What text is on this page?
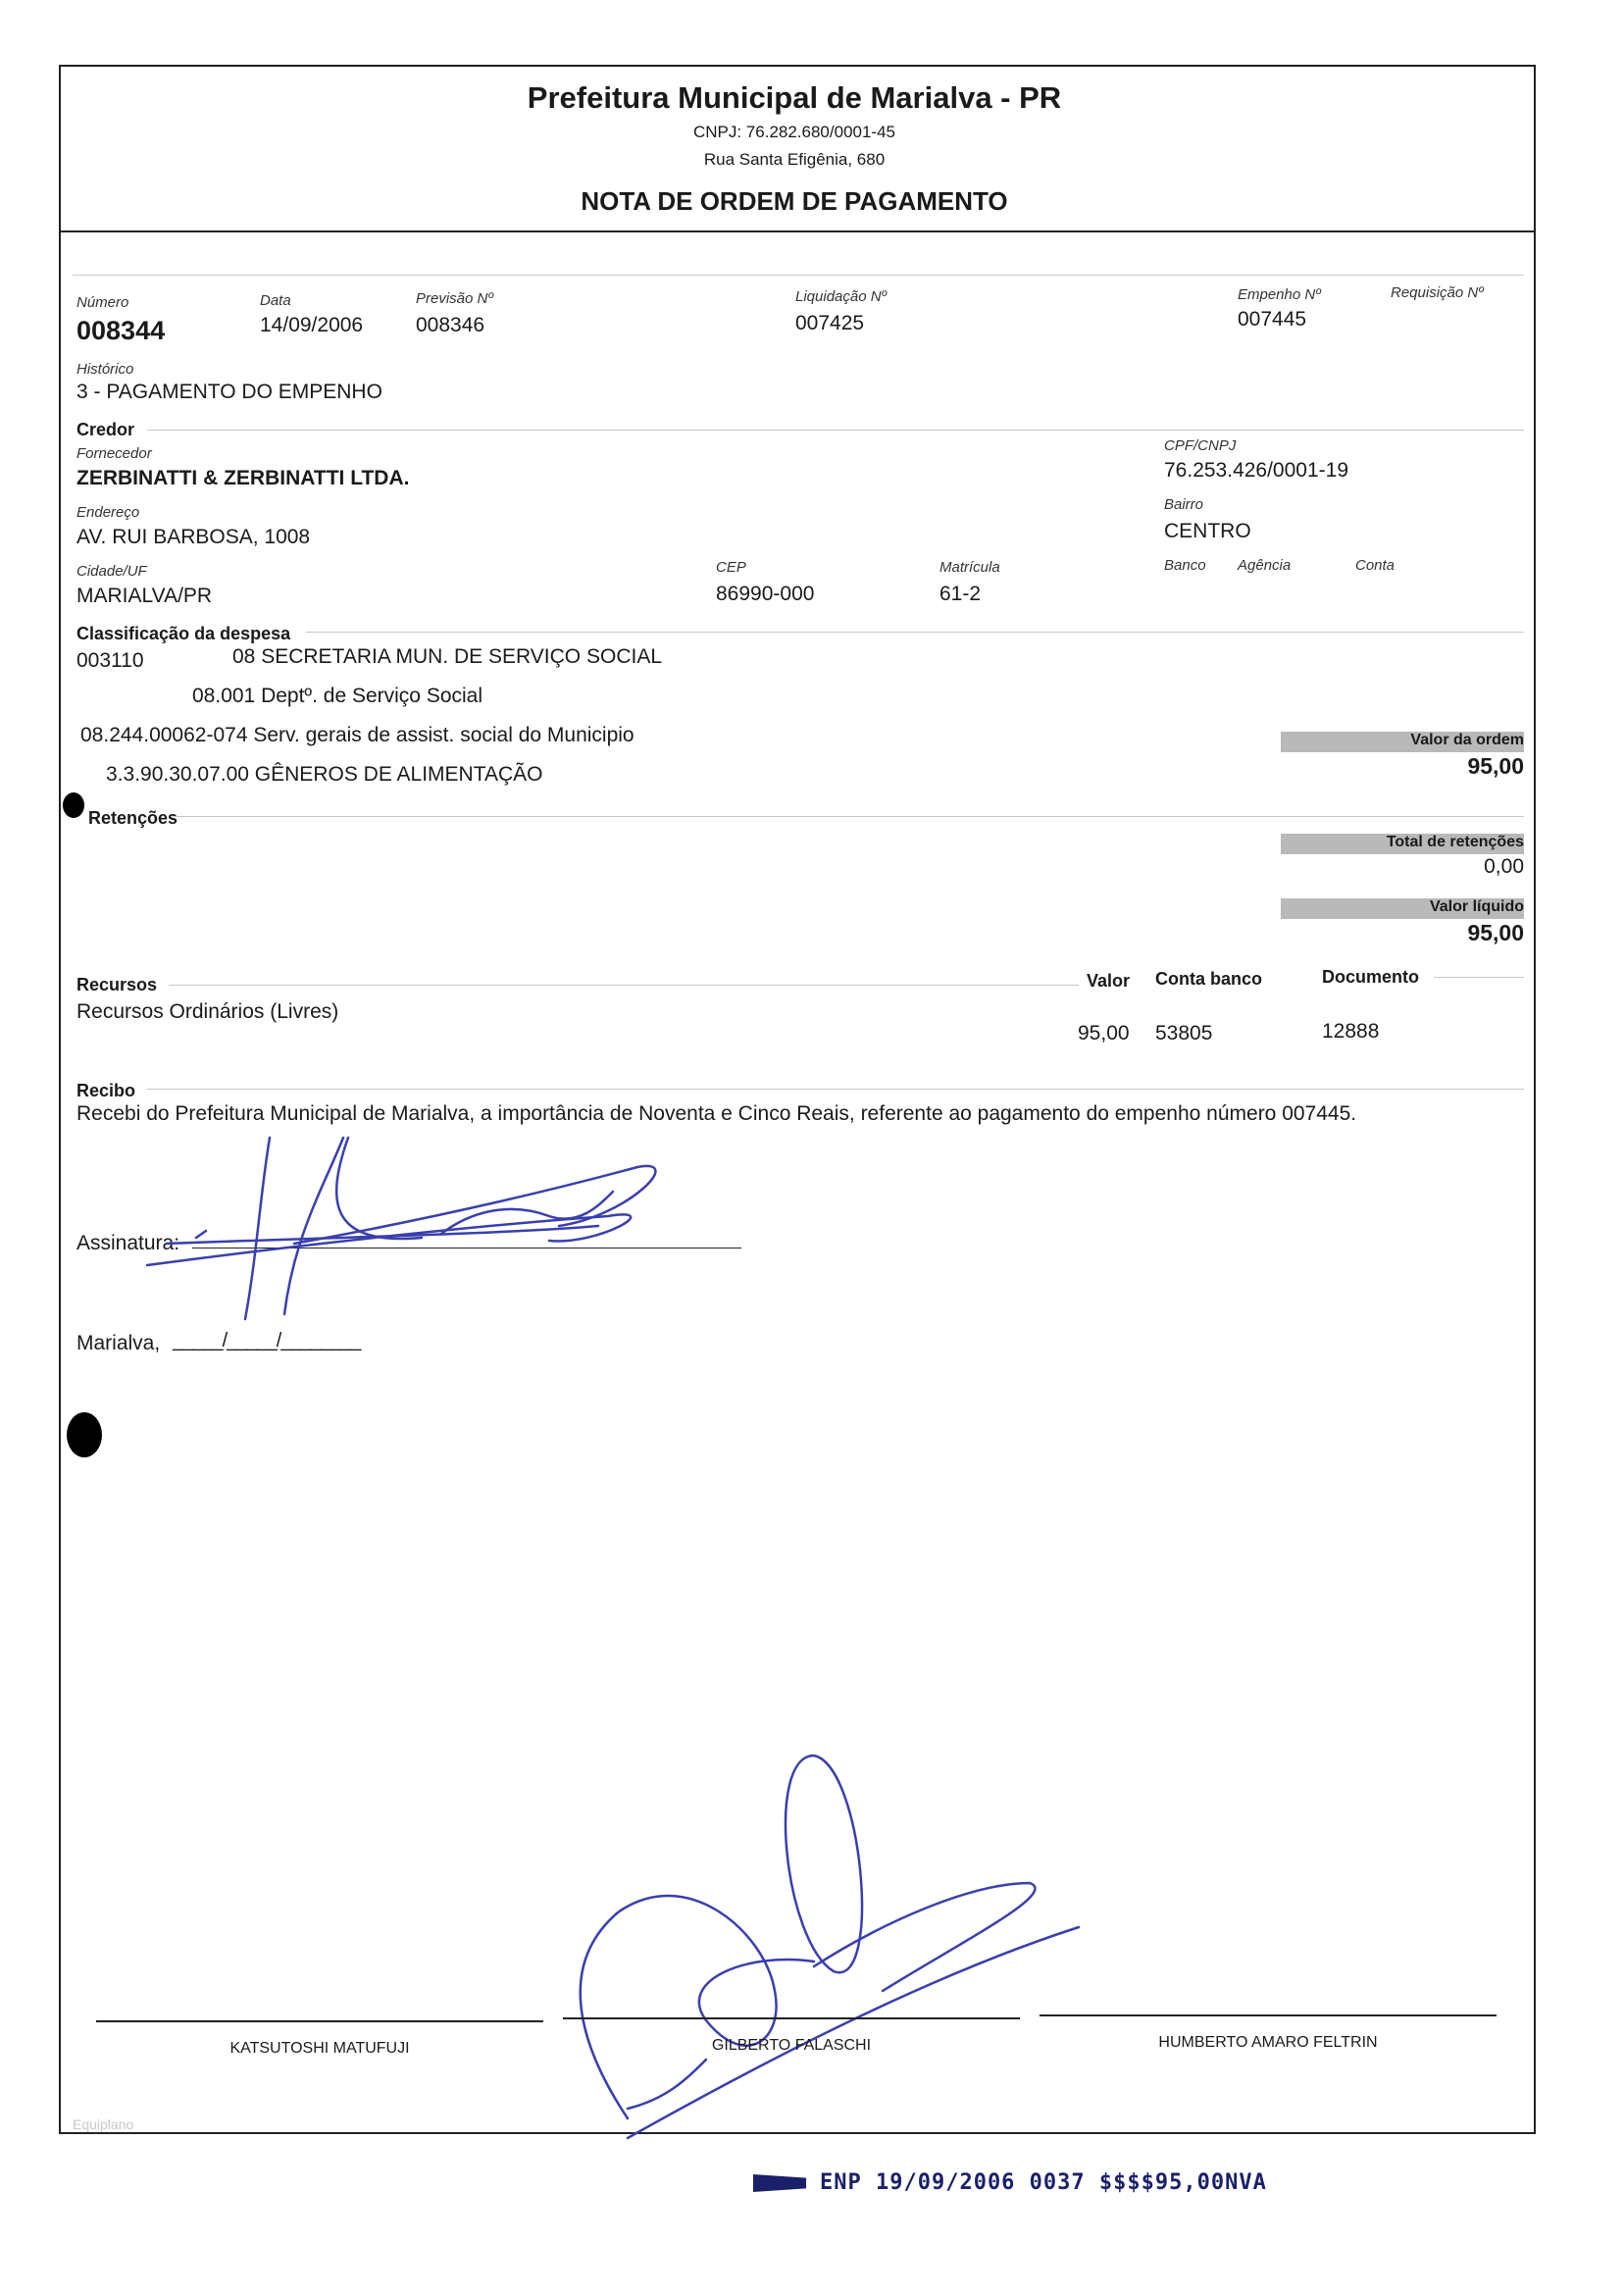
Prefeitura Municipal de Marialva - PR
CNPJ: 76.282.680/0001-45
Rua Santa Efigênia, 680
NOTA DE ORDEM DE PAGAMENTO
Número
008344
Data
14/09/2006
Previsão Nº
008346
Liquidação Nº
007425
Empenho Nº
007445
Requisição Nº
Histórico
3 - PAGAMENTO DO EMPENHO
Credor
Fornecedor
ZERBINATTI & ZERBINATTI LTDA.
CPF/CNPJ
76.253.426/0001-19
Endereço
AV. RUI BARBOSA, 1008
Bairro
CENTRO
Cidade/UF
MARIALVA/PR
CEP
86990-000
Matrícula
61-2
Banco Agência	Conta
Classificação da despesa
003110	08 SECRETARIA MUN. DE SERVIÇO SOCIAL
08.001 Deptº. de Serviço Social
08.244.00062-074 Serv. gerais de assist. social do Municipio
3.3.90.30.07.00 GÊNEROS DE ALIMENTAÇÃO
Valor da ordem
95,00
Retenções
Total de retenções
0,00
Valor líquido
95,00
Recursos	Valor Conta banco	Documento
Recursos Ordinários (Livres)
95,00 53805	12888
Recibo
Recebi do Prefeitura Municipal de Marialva, a importância de Noventa e Cinco Reais, referente ao pagamento do empenho número 007445.
Assinatura:
Marialva, _____/_____/________
KATSUTOSHI MATUFUJI	GILBERTO FALASCHI	HUMBERTO AMARO FELTRIN
Equiplano
ENP 19/09/2006 0037 $$$$95,00NVA
